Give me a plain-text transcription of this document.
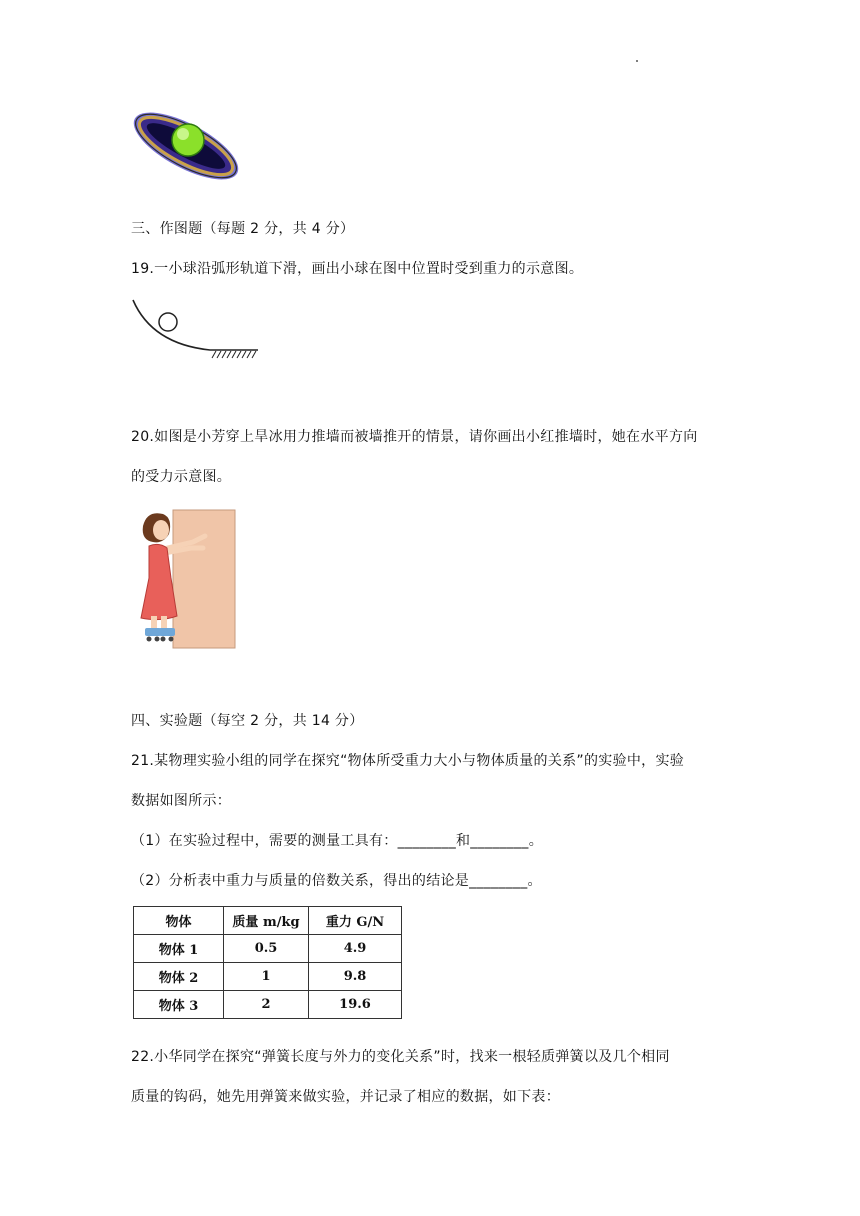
三、作图题（每题 2 分，共 4 分）
19.一小球沿弧形轨道下滑，画出小球在图中位置时受到重力的示意图。
20.如图是小芳穿上旱冰用力推墙而被墙推开的情景，请你画出小红推墙时，她在水平方向
的受力示意图。
四、实验题（每空 2 分，共 14 分）
21.某物理实验小组的同学在探究“物体所受重力大小与物体质量的关系”的实验中，实验
数据如图所示：
（1）在实验过程中，需要的测量工具有：________和________。
（2）分析表中重力与质量的倍数关系，得出的结论是________。
物体	质量 m/kg	重力 G/N
物体 1	0.5	4.9
物体 2	1	9.8
物体 3	2	19.6
22.小华同学在探究“弹簧长度与外力的变化关系”时，找来一根轻质弹簧以及几个相同
质量的钩码，她先用弹簧来做实验，并记录了相应的数据，如下表：
